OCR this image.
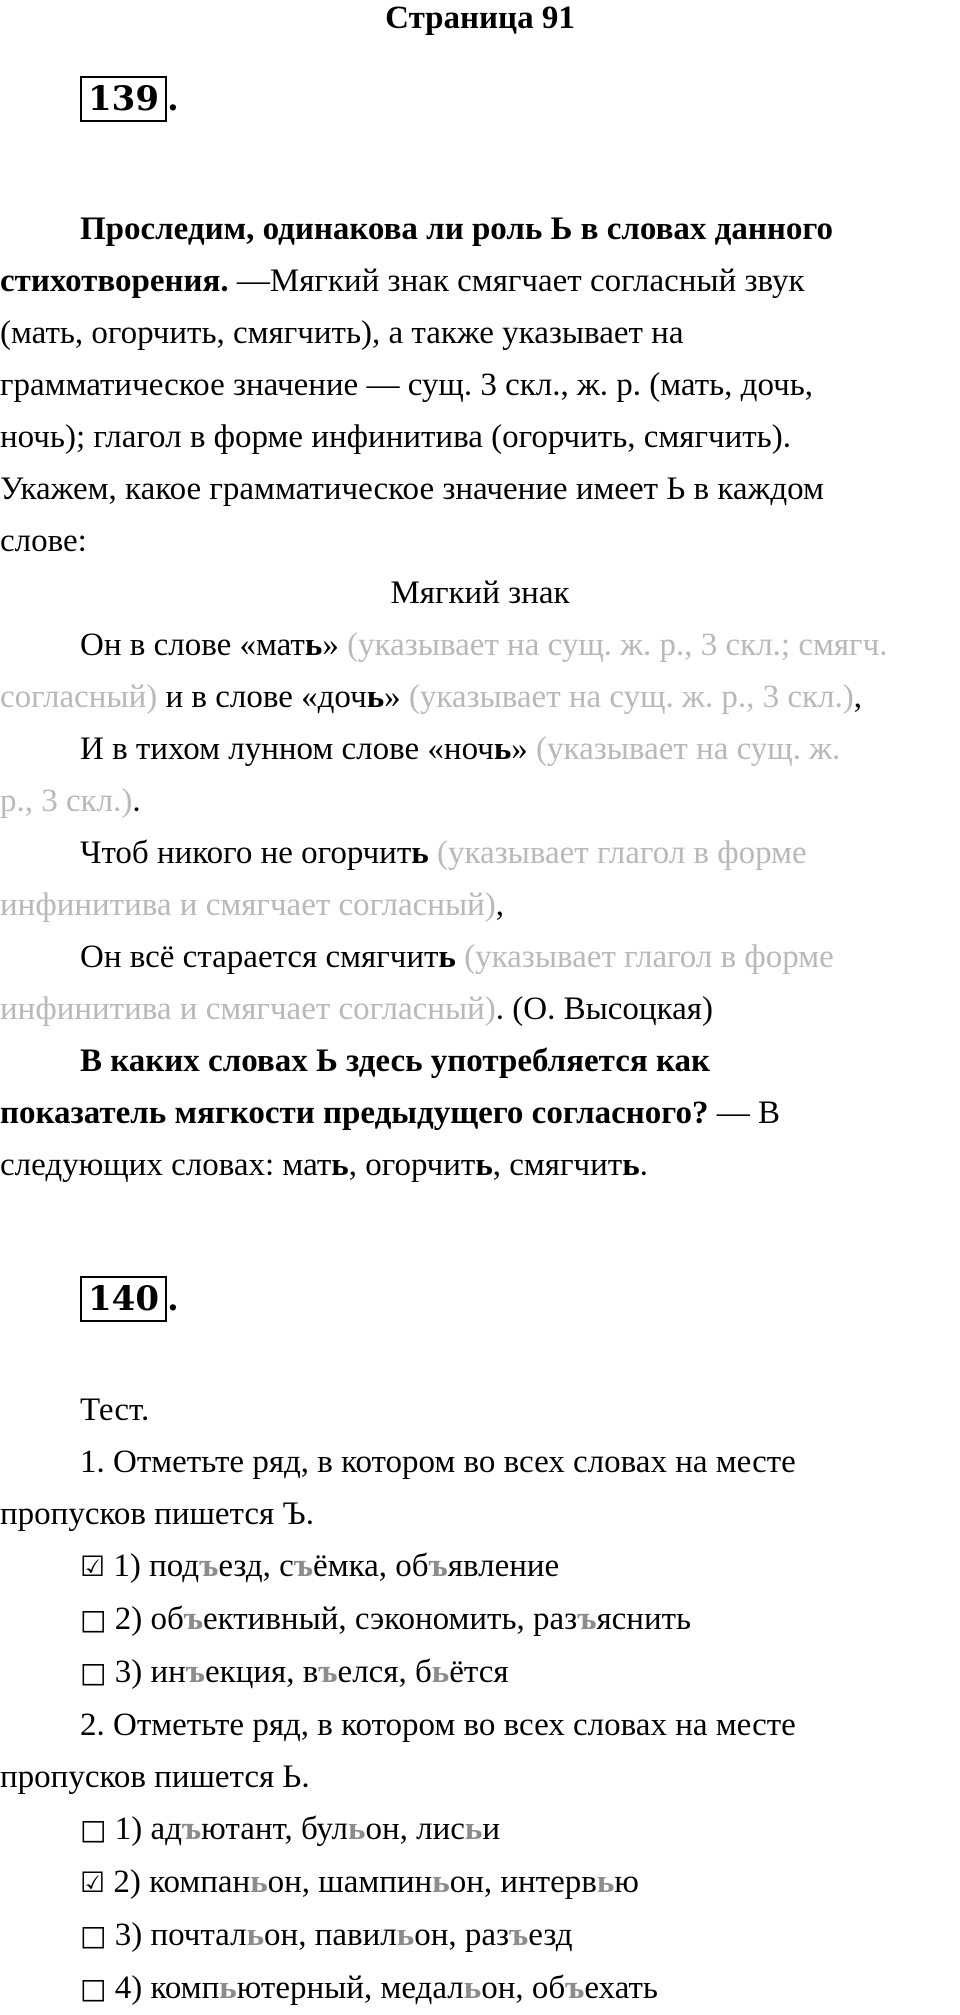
Страница 91
139 .

Проследим, одинакова ли роль Ь в словах данного

стихотворения. —Мягкий знак смягчает согласный звук

(мать, огорчить, смягчить), а также указывает на

грамматическое значение — сущ. 3 скл., ж. р. (мать, дочь,

ночь); глагол в форме инфинитива (огорчить, смягчить).

Укажем, какое грамматическое значение имеет Ь в каждом

слове:

Мягкий знак

Он в слове «мать» (указывает на сущ. ж. р., 3 скл.; смягч.

согласный) и в слове «дочь» (указывает на сущ. ж. р., 3 скл.),

И в тихом лунном слове «ночь» (указывает на сущ. ж.

р., 3 скл.).

Чтоб никого не огорчить (указывает глагол в форме

инфинитива и смягчает согласный),

Он всё старается смягчить (указывает глагол в форме

инфинитива и смягчает согласный). (О. Высоцкая)

В каких словах Ь здесь употребляется как

показатель мягкости предыдущего согласного? — В

следующих словах: мать, огорчить, смягчить.

140 .

Тест.

1. Отметьте ряд, в котором во всех словах на месте

пропусков пишется Ъ.

☑ 1) подъезд, съёмка, объявление

□ 2) объективный, сэкономить, разъяснить

□ 3) инъекция, въелся, бьётся

2. Отметьте ряд, в котором во всех словах на месте

пропусков пишется Ь.

□ 1) адъютант, бульон, лисьи

☑ 2) компаньон, шампиньон, интервью

□ 3) почтальон, павильон, разъезд

□ 4) компьютерный, медальон, объехать
